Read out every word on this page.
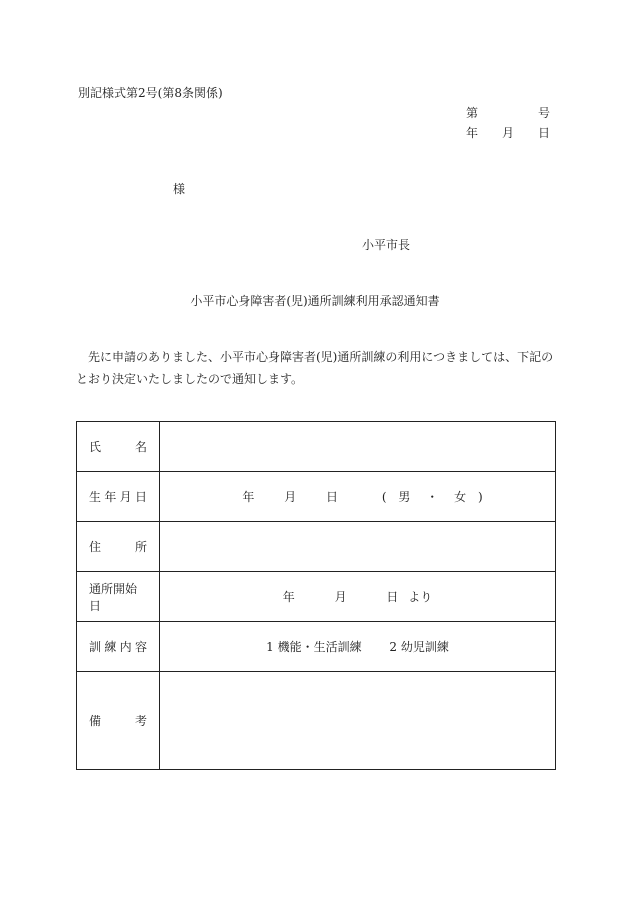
別記様式第2号(第8条関係)
第	号
年 月 日
様
小平市長
小平市心身障害者(児)通所訓練利用承認通知書
先に申請のありました、小平市心身障害者(児)通所訓練の利用につきましては、下記のとおり決定いたしましたので通知します。
氏 名	

生 年 月 日	年 月 日 ( 男 ・ 女 )

住 所	

通所開始日	年 月 日 より

訓 練 内 容	1 機能・生活訓練 2 幼児訓練

備 考	
